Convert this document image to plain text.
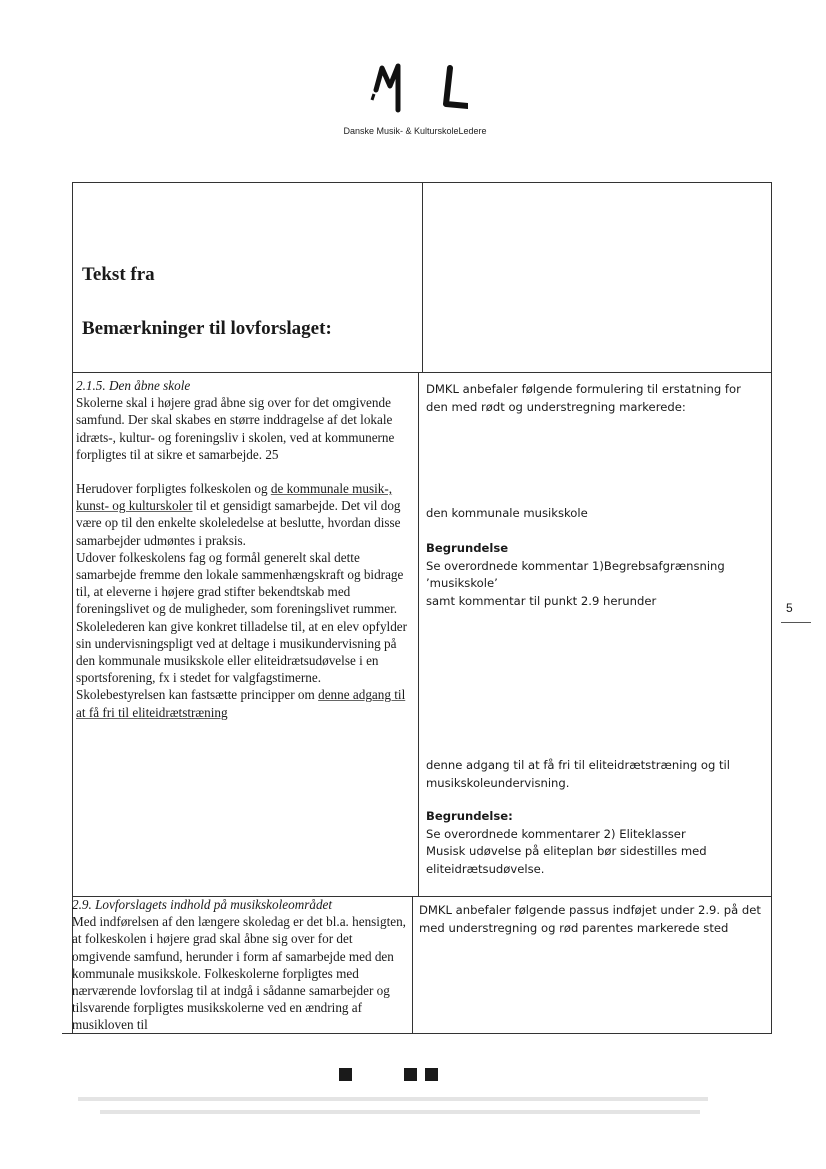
Danske Musik- & KulturskoleLedere
Tekst fra
Bemærkninger til lovforslaget:

2.1.5. Den åbne skole

Skolerne skal i højere grad åbne sig over for det omgivende samfund. Der skal skabes en større inddragelse af det lokale idræts-, kultur- og foreningsliv i skolen, ved at kommunerne forpligtes til at sikre et samarbejde. 25

Herudover forpligtes folkeskolen og de kommunale musik-, kunst- og kulturskoler til et gensidigt samarbejde. Det vil dog være op til den enkelte skoleledelse at beslutte, hvordan disse samarbejder udmøntes i praksis.

Udover folkeskolens fag og formål generelt skal dette samarbejde fremme den lokale sammenhængskraft og bidrage til, at eleverne i højere grad stifter bekendtskab med foreningslivet og de muligheder, som foreningslivet rummer.

Skolelederen kan give konkret tilladelse til, at en elev opfylder sin undervisningspligt ved at deltage i musikundervisning på den kommunale musikskole eller eliteidrætsudøvelse i en sportsforening, fx i stedet for valgfagstimerne. Skolebestyrelsen kan fastsætte principper om denne adgang til at få fri til eliteidrætstræning

DMKL anbefaler følgende formulering til erstatning for den med rødt og understregning markerede:
den kommunale musikskole

Begrundelse

Se overordnede kommentar 1)Begrebsafgrænsning

’musikskole’

samt kommentar til punkt 2.9 herunder

denne adgang til at få fri til eliteidrætstræning og til musikskoleundervisning.

Begrundelse:

Se overordnede kommentarer 2) Eliteklasser

Musisk udøvelse på eliteplan bør sidestilles med eliteidrætsudøvelse.

2.9. Lovforslagets indhold på musikskoleområdet

Med indførelsen af den længere skoledag er det bl.a. hensigten, at folkeskolen i højere grad skal åbne sig over for det omgivende samfund, herunder i form af samarbejde med den kommunale musikskole. Folkeskolerne forpligtes med nærværende lovforslag til at indgå i sådanne samarbejder og tilsvarende forpligtes musikskolerne ved en ændring af musikloven til

DMKL anbefaler følgende passus indføjet under 2.9. på det med understregning og rød parentes markerede sted
5
